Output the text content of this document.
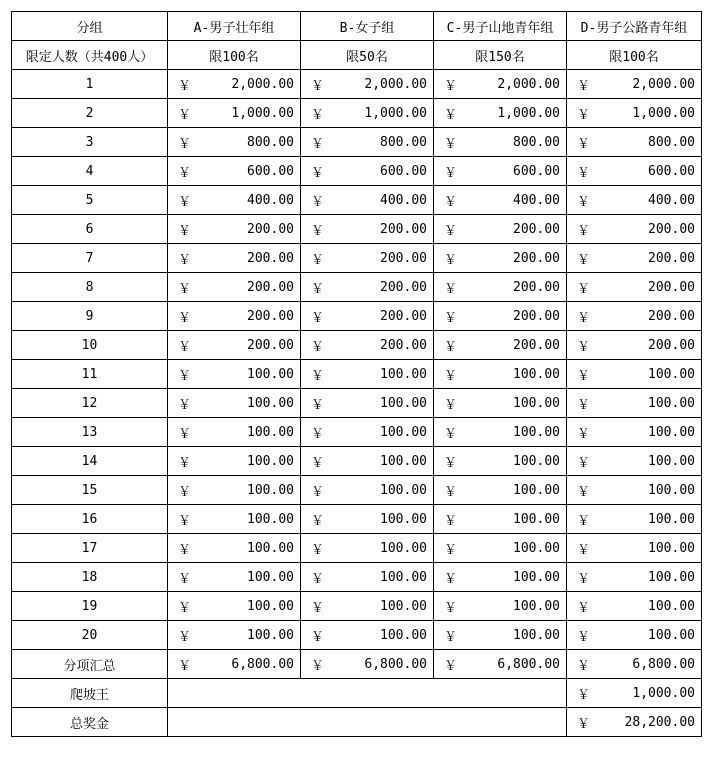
分组	A-男子壮年组	B-女子组	C-男子山地青年组	D-男子公路青年组
限定人数（共400人）	限100名	限50名	限150名	限100名
1	￥ 2,000.00	￥ 2,000.00	￥ 2,000.00	￥ 2,000.00

2	￥ 1,000.00	￥ 1,000.00	￥ 1,000.00	￥ 1,000.00

3	￥ 800.00	￥ 800.00	￥ 800.00	￥ 800.00

4	￥ 600.00	￥ 600.00	￥ 600.00	￥ 600.00

5	￥ 400.00	￥ 400.00	￥ 400.00	￥ 400.00

6	￥ 200.00	￥ 200.00	￥ 200.00	￥ 200.00

7	￥ 200.00	￥ 200.00	￥ 200.00	￥ 200.00

8	￥ 200.00	￥ 200.00	￥ 200.00	￥ 200.00

9	￥ 200.00	￥ 200.00	￥ 200.00	￥ 200.00

10	￥ 200.00	￥ 200.00	￥ 200.00	￥ 200.00

11	￥ 100.00	￥ 100.00	￥ 100.00	￥ 100.00

12	￥ 100.00	￥ 100.00	￥ 100.00	￥ 100.00

13	￥ 100.00	￥ 100.00	￥ 100.00	￥ 100.00

14	￥ 100.00	￥ 100.00	￥ 100.00	￥ 100.00

15	￥ 100.00	￥ 100.00	￥ 100.00	￥ 100.00

16	￥ 100.00	￥ 100.00	￥ 100.00	￥ 100.00

17	￥ 100.00	￥ 100.00	￥ 100.00	￥ 100.00

18	￥ 100.00	￥ 100.00	￥ 100.00	￥ 100.00

19	￥ 100.00	￥ 100.00	￥ 100.00	￥ 100.00

20	￥ 100.00	￥ 100.00	￥ 100.00	￥ 100.00

分项汇总	￥ 6,800.00	￥ 6,800.00	￥ 6,800.00	￥ 6,800.00

爬坡王				￥ 1,000.00

总奖金				￥ 28,200.00
